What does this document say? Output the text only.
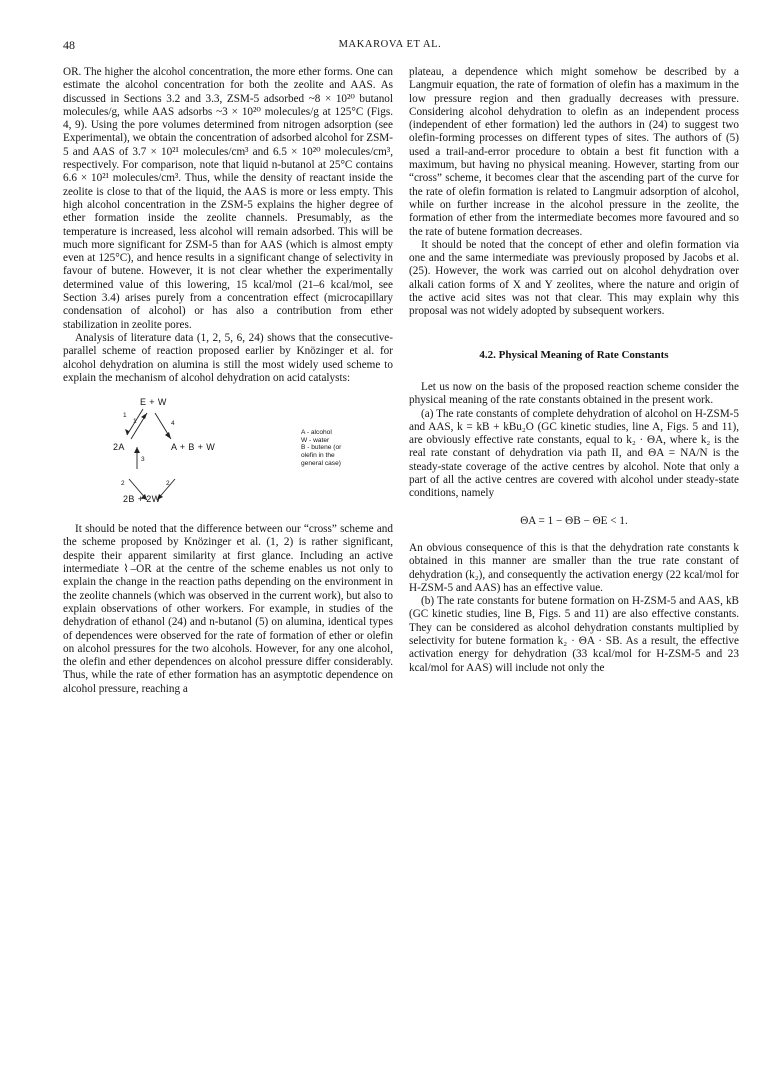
48	MAKAROVA ET AL.

OR. The higher the alcohol concentration, the more ether forms. One can estimate the alcohol concentration for both the zeolite and AAS. As discussed in Sections 3.2 and 3.3, ZSM-5 adsorbed ~8 × 10²⁰ butanol molecules/g, while AAS adsorbs ~3 × 10²⁰ molecules/g at 125°C (Figs. 4, 9). Using the pore volumes determined from nitrogen adsorption (see Experimental), we obtain the concentration of adsorbed alcohol for ZSM-5 and AAS of 3.7 × 10²¹ molecules/cm³ and 6.5 × 10²⁰ molecules/cm³, respectively. For comparison, note that liquid n-butanol at 25°C contains 6.6 × 10²¹ molecules/cm³. Thus, while the density of reactant inside the zeolite is close to that of the liquid, the AAS is more or less empty. This high alcohol concentration in the ZSM-5 explains the higher degree of ether formation inside the zeolite channels. Presumably, as the temperature is increased, less alcohol will remain adsorbed. This will be much more significant for ZSM-5 than for AAS (which is almost empty even at 125°C), and hence results in a significant change of selectivity in favour of butene. However, it is not clear whether the experimentally determined value of this lowering, 15 kcal/mol (21–6 kcal/mol, see Section 3.4) arises purely from a concentration effect (microcapillary condensation of alcohol) or has also a contribution from ether stabilization in zeolite pores.

Analysis of literature data (1, 2, 5, 6, 24) shows that the consecutive-parallel scheme of reaction proposed earlier by Knözinger et al. for alcohol dehydration on alumina is still the most widely used scheme to explain the mechanism of alcohol dehydration on acid catalysts:

E + W
2A	A + B + W
2B + 2W
1
1
3
4
2	2
A - alcohol
W - water
B - butene (or
olefin in the
general case)

It should be noted that the difference between our “cross” scheme and the scheme proposed by Knözinger et al. (1, 2) is rather significant, despite their apparent similarity at first glance. Including an active intermediate ⌇–OR at the centre of the scheme enables us not only to explain the change in the reaction paths depending on the environment in the zeolite channels (which was observed in the current work), but also to explain observations of other workers. For example, in studies of the dehydration of ethanol (24) and n-butanol (5) on alumina, identical types of dependences were observed for the rate of formation of ether or olefin on alcohol pressures for the two alcohols. However, for any one alcohol, the olefin and ether dependences on alcohol pressure differ considerably. Thus, while the rate of ether formation has an asymptotic dependence on alcohol pressure, reaching a

plateau, a dependence which might somehow be described by a Langmuir equation, the rate of formation of olefin has a maximum in the low pressure region and then gradually decreases with pressure. Considering alcohol dehydration to olefin as an independent process (independent of ether formation) led the authors in (24) to suggest two olefin-forming processes on different types of sites. The authors of (5) used a trail-and-error procedure to obtain a best fit function with a maximum, but having no physical meaning. However, starting from our “cross” scheme, it becomes clear that the ascending part of the curve for the rate of olefin formation is related to Langmuir adsorption of alcohol, while on further increase in the alcohol pressure in the zeolite, the formation of ether from the intermediate becomes more favoured and so the rate of butene formation decreases.

It should be noted that the concept of ether and olefin formation via one and the same intermediate was previously proposed by Jacobs et al. (25). However, the work was carried out on alcohol dehydration over alkali cation forms of X and Y zeolites, where the nature and origin of the active acid sites was not that clear. This may explain why this proposal was not widely adopted by subsequent workers.

4.2. Physical Meaning of Rate Constants

Let us now on the basis of the proposed reaction scheme consider the physical meaning of the rate constants obtained in the present work.

(a) The rate constants of complete dehydration of alcohol on H-ZSM-5 and AAS, k = kB + kBu₂O (GC kinetic studies, line A, Figs. 5 and 11), are obviously effective rate constants, equal to k₂ · ΘA, where k₂ is the real rate constant of dehydration via path II, and ΘA = NA/N is the steady-state coverage of the active centres by alcohol. Note that only a part of all the active centres are covered with alcohol under steady-state conditions, namely

ΘA = 1 − ΘB − ΘE < 1.

An obvious consequence of this is that the dehydration rate constants k obtained in this manner are smaller than the true rate constant of dehydration (k₂), and consequently the activation energy (22 kcal/mol for H-ZSM-5 and AAS) has an effective value.

(b) The rate constants for butene formation on H-ZSM-5 and AAS, kB (GC kinetic studies, line B, Figs. 5 and 11) are also effective constants. They can be considered as alcohol dehydration constants multiplied by selectivity for butene formation k₂ · ΘA · SB. As a result, the effective activation energy for dehydration (33 kcal/mol for H-ZSM-5 and 23 kcal/mol for AAS) will include not only the
